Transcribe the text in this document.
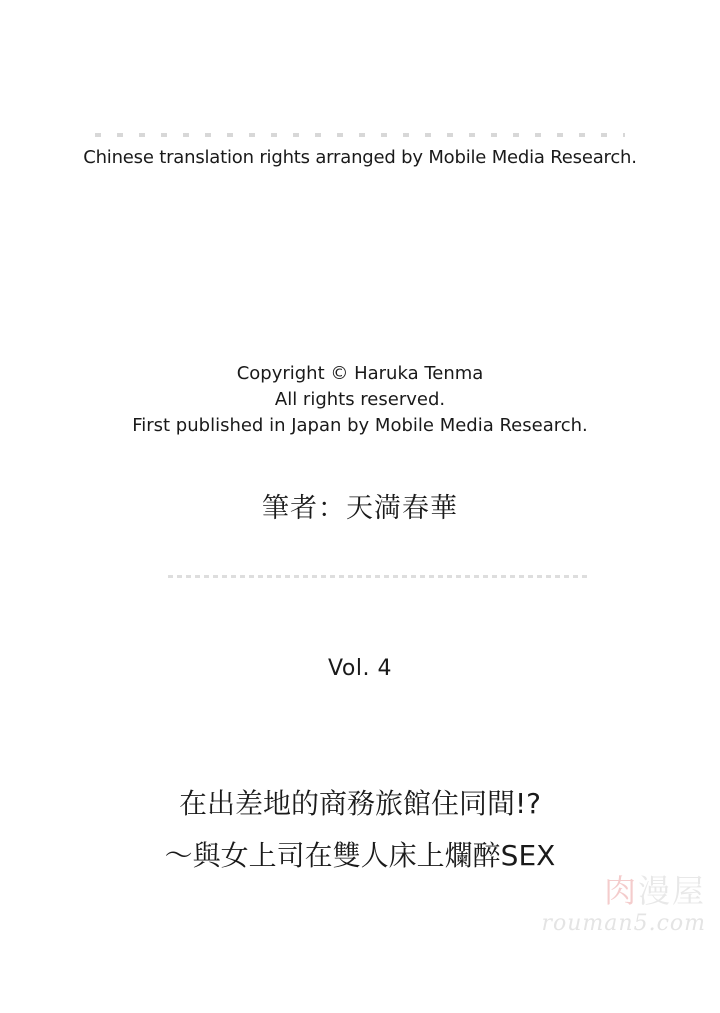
Chinese translation rights arranged by Mobile Media Research.
Copyright © Haruka Tenma
All rights reserved.
First published in Japan by Mobile Media Research.
筆者：天満春華
Vol. 4
在出差地的商務旅館住同間!?
～與女上司在雙人床上爛醉SEX
肉漫屋
rouman5.com
